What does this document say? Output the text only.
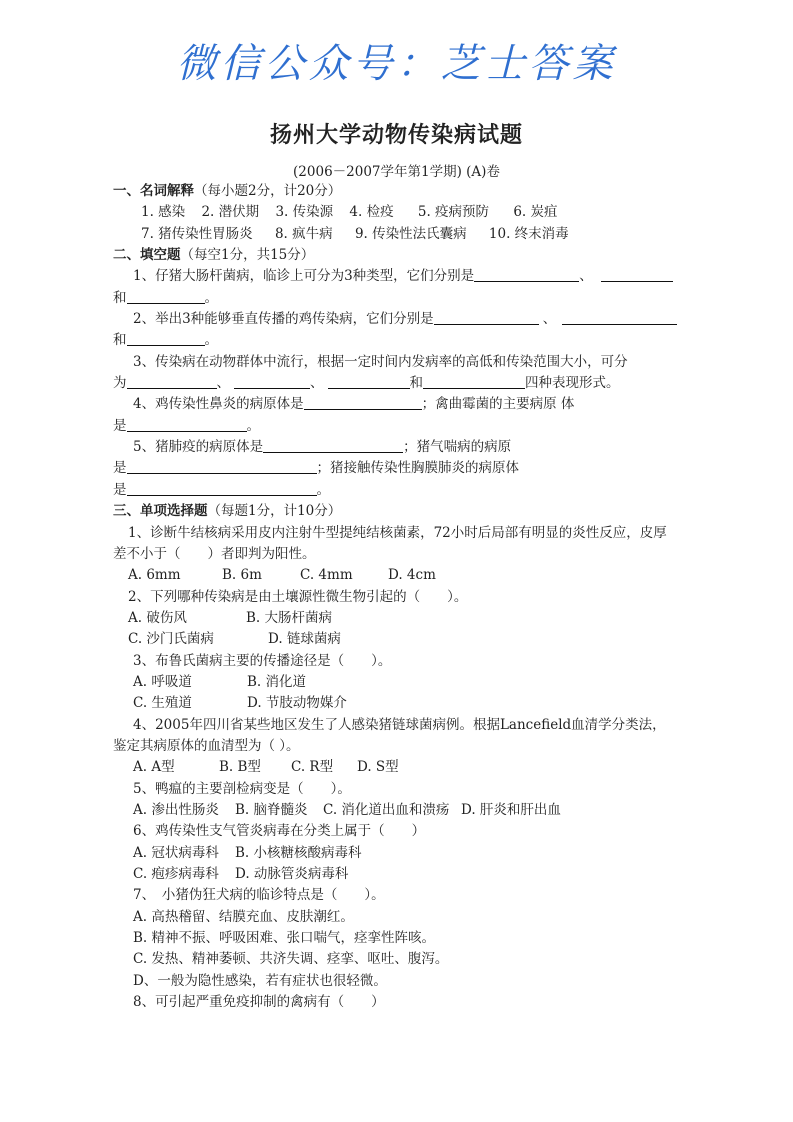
微信公众号：芝士答案
扬州大学动物传染病试题
(2006－2007学年第1学期) (A)卷
一、名词解释（每小题2分，计20分）
1. 感染 2. 潜伏期 3. 传染源 4. 检疫 5. 疫病预防 6. 炭疽
7. 猪传染性胃肠炎 8. 疯牛病 9. 传染性法氏囊病 10. 终末消毒
二、填空题（每空1分，共15分）
1、仔猪大肠杆菌病，临诊上可分为3种类型，它们分别是	、
和	。
2、举出3种能够垂直传播的鸡传染病，它们分别是	、
和	。
3、传染病在动物群体中流行，根据一定时间内发病率的高低和传染范围大小，可分
为	、	、	和	四种表现形式。
4、鸡传染性鼻炎的病原体是	；禽曲霉菌的主要病原 体
是	。
5、猪肺疫的病原体是	；猪气喘病的病原
是	；猪接触传染性胸膜肺炎的病原体
是	。
三、单项选择题（每题1分，计10分）
1、诊断牛结核病采用皮内注射牛型提纯结核菌素，72小时后局部有明显的炎性反应，皮厚
差不小于（　　）者即判为阳性。
A. 6mm	B. 6m	C. 4mm	D. 4cm
2、下列哪种传染病是由土壤源性微生物引起的（　　）。
A. 破伤风	B. 大肠杆菌病
C. 沙门氏菌病	D. 链球菌病
3、布鲁氏菌病主要的传播途径是（　　）。
A. 呼吸道	B. 消化道
C. 生殖道	D. 节肢动物媒介
4、2005年四川省某些地区发生了人感染猪链球菌病例。根据Lancefield血清学分类法，
鉴定其病原体的血清型为（ ）。
A. A型	B. B型 C. R型 D. S型
5、鸭瘟的主要剖检病变是（　　）。
A. 渗出性肠炎 B. 脑脊髓炎 C. 消化道出血和溃疡 D. 肝炎和肝出血
6、鸡传染性支气管炎病毒在分类上属于（　　）
A. 冠状病毒科 B. 小核糖核酸病毒科
C. 疱疹病毒科 D. 动脉管炎病毒科
7、　小猪伪狂犬病的临诊特点是（　　）。
A. 高热稽留、结膜充血、皮肤潮红。
B. 精神不振、呼吸困难、张口喘气，痉挛性阵咳。
C. 发热、精神萎顿、共济失调、痉挛、呕吐、腹泻。
D、一般为隐性感染，若有症状也很轻微。
8、可引起严重免疫抑制的禽病有（　　）
